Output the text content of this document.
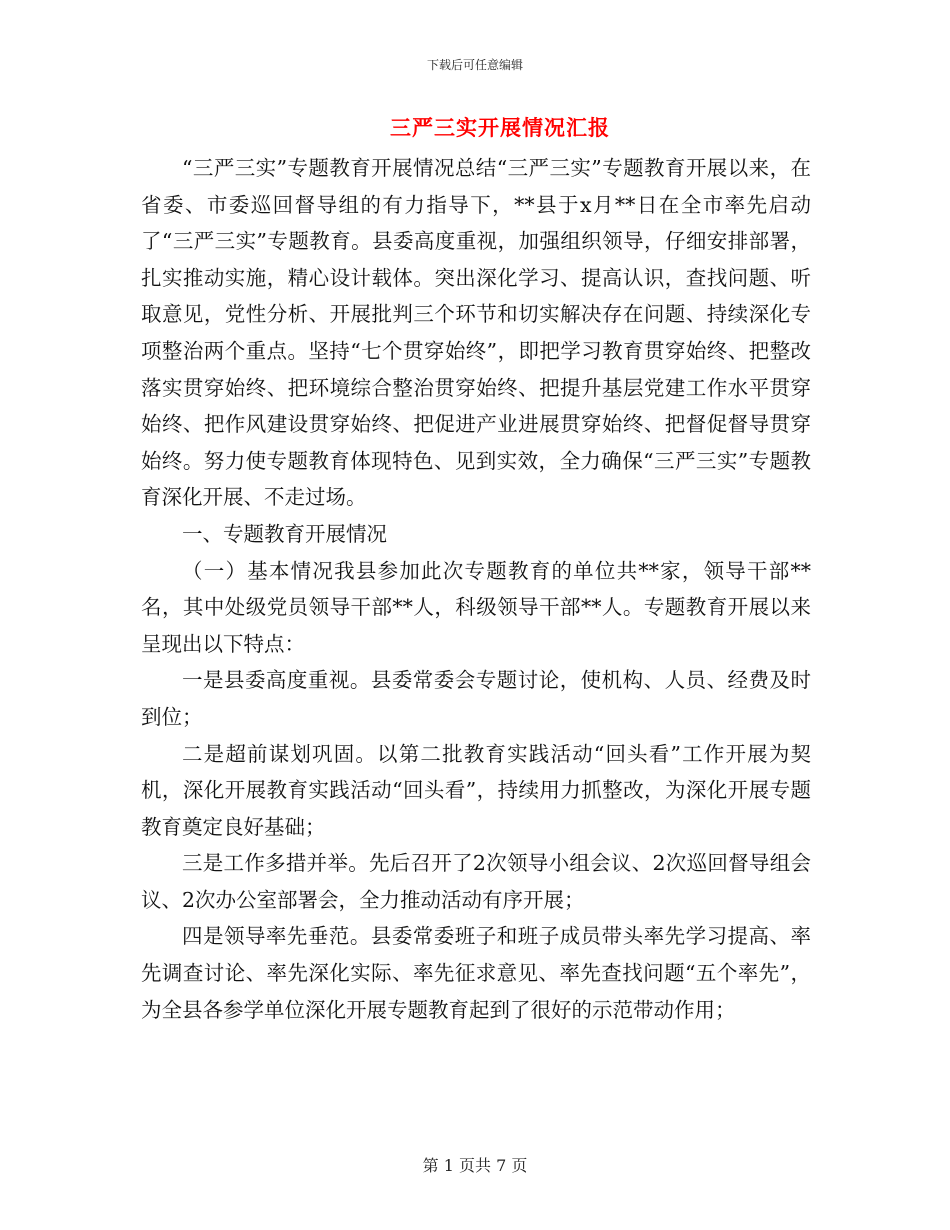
下载后可任意编辑
三严三实开展情况汇报

“三严三实”专题教育开展情况总结“三严三实”专题教育开展以来，在省委、市委巡回督导组的有力指导下，**县于x月**日在全市率先启动了“三严三实”专题教育。县委高度重视，加强组织领导，仔细安排部署，扎实推动实施，精心设计载体。突出深化学习、提高认识，查找问题、听取意见，党性分析、开展批判三个环节和切实解决存在问题、持续深化专项整治两个重点。坚持“七个贯穿始终”，即把学习教育贯穿始终、把整改落实贯穿始终、把环境综合整治贯穿始终、把提升基层党建工作水平贯穿始终、把作风建设贯穿始终、把促进产业进展贯穿始终、把督促督导贯穿始终。努力使专题教育体现特色、见到实效，全力确保“三严三实”专题教育深化开展、不走过场。

一、专题教育开展情况

（一）基本情况我县参加此次专题教育的单位共**家，领导干部**名，其中处级党员领导干部**人，科级领导干部**人。专题教育开展以来呈现出以下特点：

一是县委高度重视。县委常委会专题讨论，使机构、人员、经费及时到位；

二是超前谋划巩固。以第二批教育实践活动“回头看”工作开展为契机，深化开展教育实践活动“回头看”，持续用力抓整改，为深化开展专题教育奠定良好基础；

三是工作多措并举。先后召开了2次领导小组会议、2次巡回督导组会议、2次办公室部署会，全力推动活动有序开展；

四是领导率先垂范。县委常委班子和班子成员带头率先学习提高、率先调查讨论、率先深化实际、率先征求意见、率先查找问题“五个率先”，为全县各参学单位深化开展专题教育起到了很好的示范带动作用；

第 1 页共 7 页
